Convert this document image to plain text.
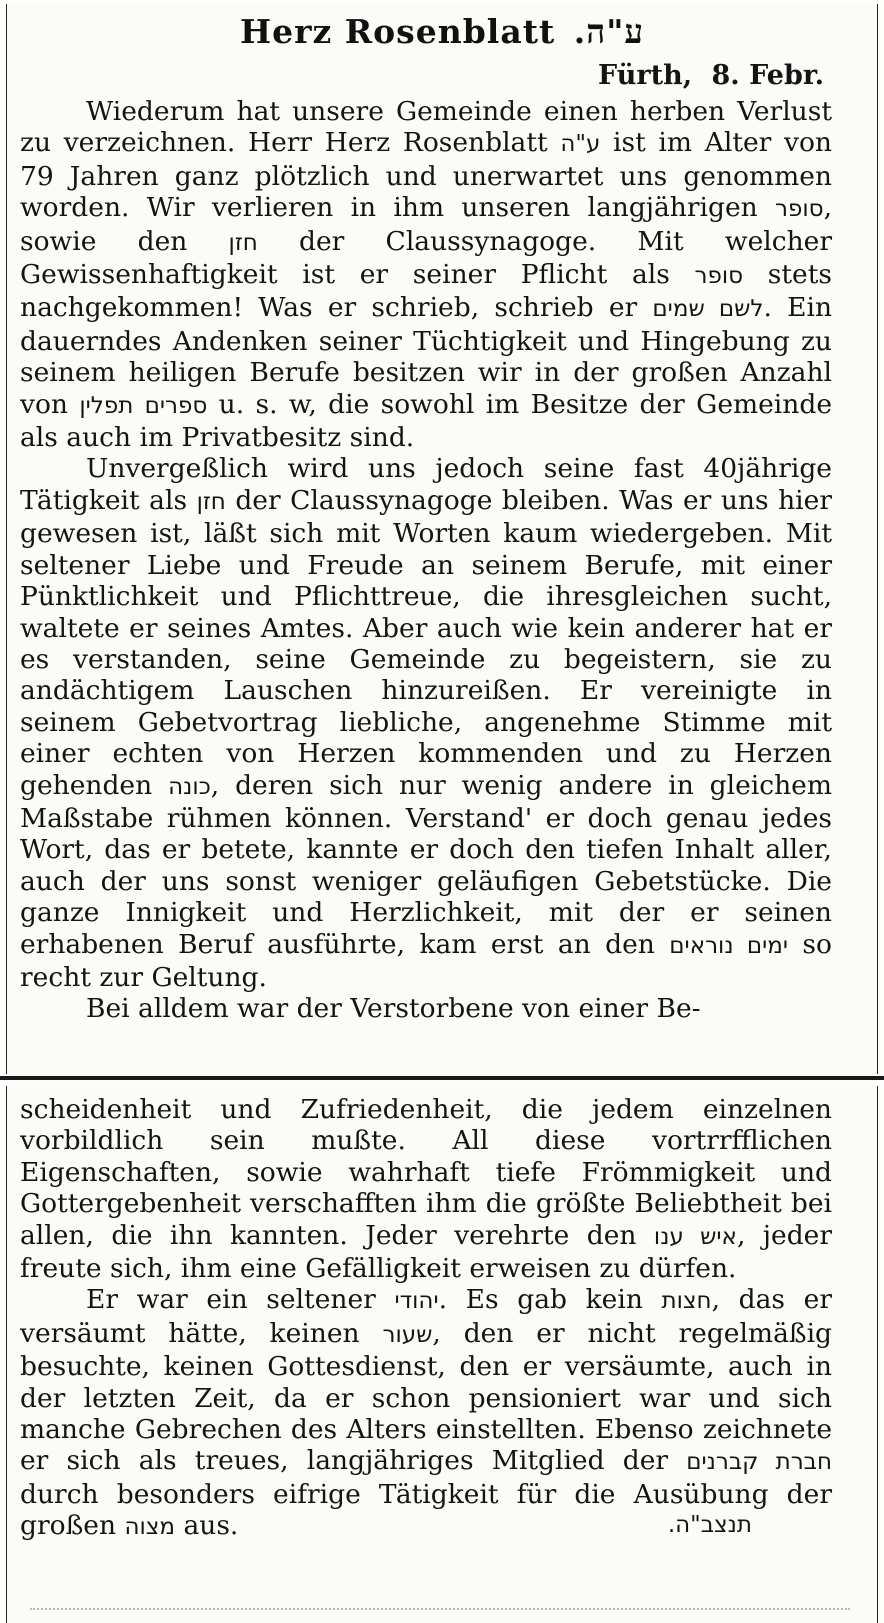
Herz Rosenblatt ע"ה.
Fürth, 8. Febr.

Wiederum hat unsere Gemeinde einen herben Verlust zu verzeichnen. Herr Herz Rosenblatt ע"ה ist im Alter von 79 Jahren ganz plötzlich und unerwartet uns genommen worden. Wir verlieren in ihm unseren langjährigen סופר, sowie den חזן der Claussynagoge. Mit welcher Gewissenhaftigkeit ist er seiner Pflicht als סופר stets nachgekommen! Was er schrieb, schrieb er לשם שמים. Ein dauerndes Andenken seiner Tüchtigkeit und Hingebung zu seinem heiligen Berufe besitzen wir in der großen Anzahl von תפלין ספרים u. s. w, die sowohl im Besitze der Gemeinde als auch im Privatbesitz sind.

Unvergeßlich wird uns jedoch seine fast 40jährige Tätigkeit als חזן der Claussynagoge bleiben. Was er uns hier gewesen ist, läßt sich mit Worten kaum wiedergeben. Mit seltener Liebe und Freude an seinem Berufe, mit einer Pünktlichkeit und Pflichttreue, die ihresgleichen sucht, waltete er seines Amtes. Aber auch wie kein anderer hat er es verstanden, seine Gemeinde zu begeistern, sie zu andächtigem Lauschen hinzureißen. Er vereinigte in seinem Gebetvortrag liebliche, angenehme Stimme mit einer echten von Herzen kommenden und zu Herzen gehenden כונה, deren sich nur wenig andere in gleichem Maßstabe rühmen können. Verstand' er doch genau jedes Wort, das er betete, kannte er doch den tiefen Inhalt aller, auch der uns sonst weniger geläufigen Gebetstücke. Die ganze Innigkeit und Herzlichkeit, mit der er seinen erhabenen Beruf ausführte, kam erst an den ימים נוראים so recht zur Geltung.

Bei alldem war der Verstorbene von einer Be-

scheidenheit und Zufriedenheit, die jedem einzelnen vorbildlich sein mußte. All diese vortrrfflichen Eigenschaften, sowie wahrhaft tiefe Frömmigkeit und Gottergebenheit verschafften ihm die größte Beliebtheit bei allen, die ihn kannten. Jeder verehrte den איש ענו, jeder freute sich, ihm eine Gefälligkeit erweisen zu dürfen.

Er war ein seltener יהודי. Es gab kein חצות, das er versäumt hätte, keinen שעור, den er nicht regelmäßig besuchte, keinen Gottesdienst, den er versäumte, auch in der letzten Zeit, da er schon pensioniert war und sich manche Gebrechen des Alters einstellten. Ebenso zeichnete er sich als treues, langjähriges Mitglied der חברת קברנים durch besonders eifrige Tätigkeit für die Ausübung der großen מצוה aus.	תנצב"ה.
